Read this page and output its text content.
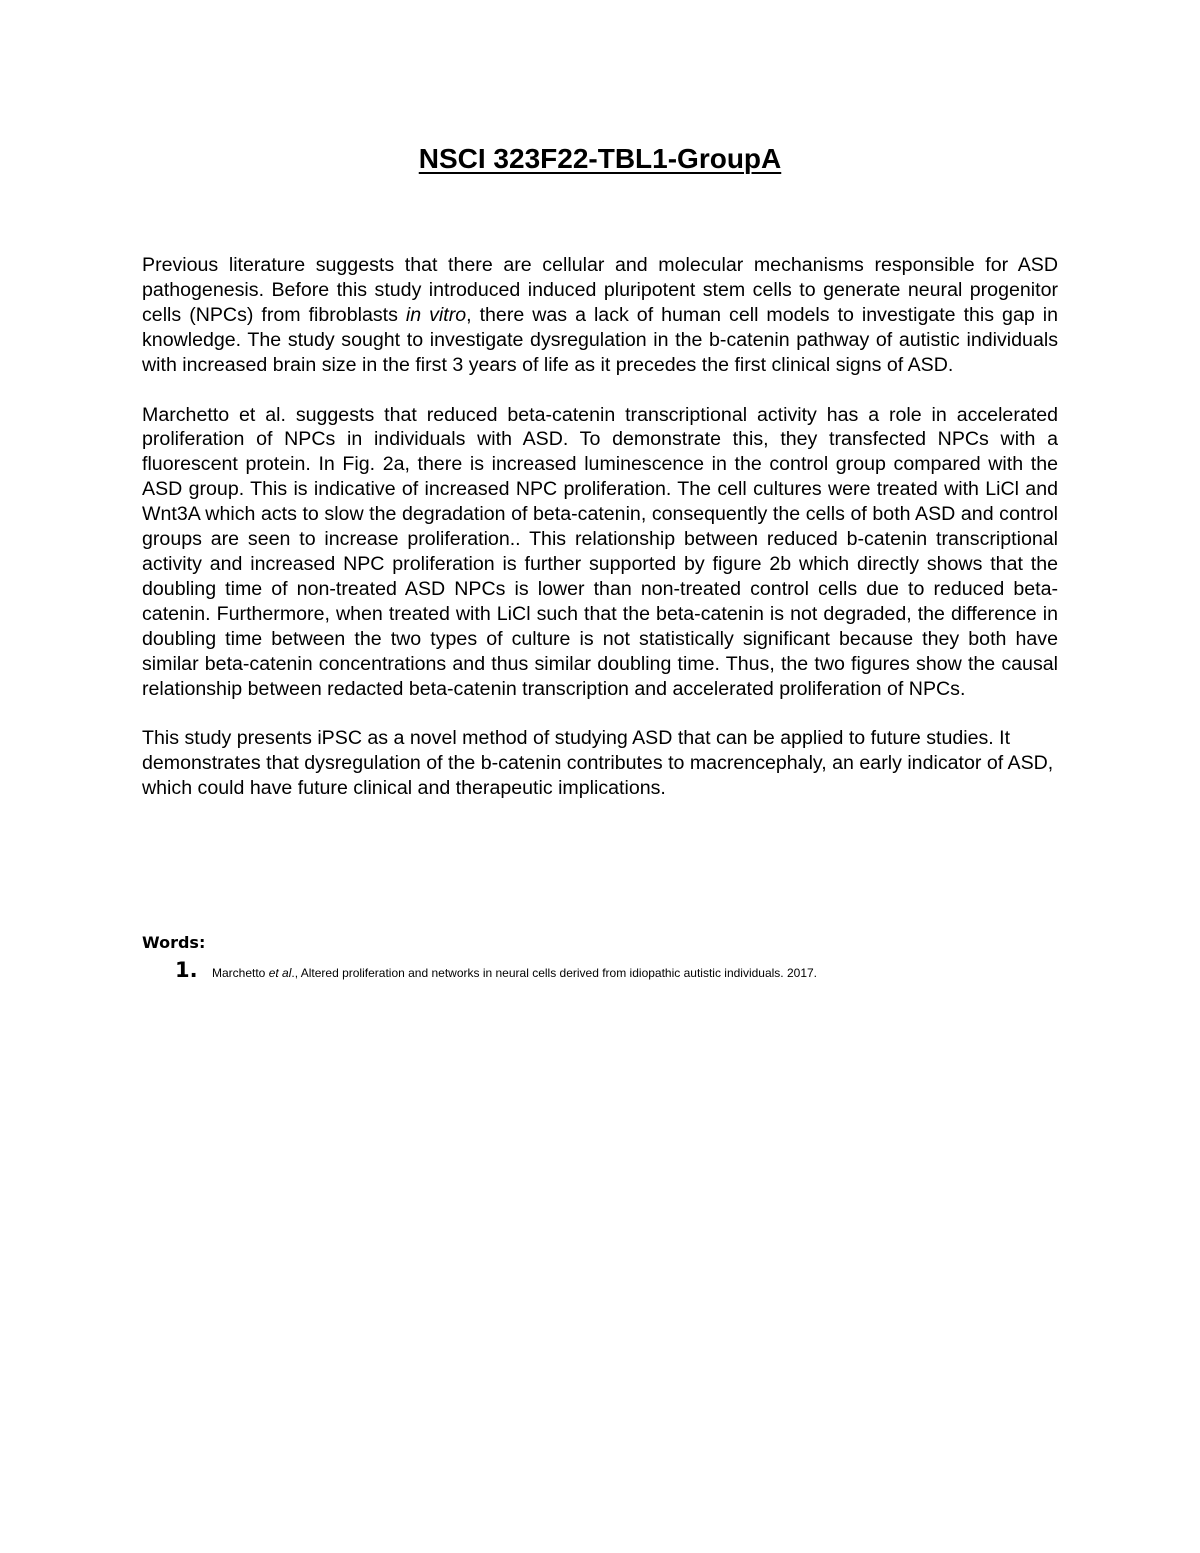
NSCI 323F22-TBL1-GroupA

Previous literature suggests that there are cellular and molecular mechanisms responsible for ASD pathogenesis. Before this study introduced induced pluripotent stem cells to generate neural progenitor cells (NPCs) from fibroblasts in vitro, there was a lack of human cell models to investigate this gap in knowledge. The study sought to investigate dysregulation in the b-catenin pathway of autistic individuals with increased brain size in the first 3 years of life as it precedes the first clinical signs of ASD.

Marchetto et al. suggests that reduced beta-catenin transcriptional activity has a role in accelerated proliferation of NPCs in individuals with ASD. To demonstrate this, they transfected NPCs with a fluorescent protein. In Fig. 2a, there is increased luminescence in the control group compared with the ASD group. This is indicative of increased NPC proliferation. The cell cultures were treated with LiCl and Wnt3A which acts to slow the degradation of beta-catenin, consequently the cells of both ASD and control groups are seen to increase proliferation.. This relationship between reduced b-catenin transcriptional activity and increased NPC proliferation is further supported by figure 2b which directly shows that the doubling time of non-treated ASD NPCs is lower than non-treated control cells due to reduced beta-catenin. Furthermore, when treated with LiCl such that the beta-catenin is not degraded, the difference in doubling time between the two types of culture is not statistically significant because they both have similar beta-catenin concentrations and thus similar doubling time. Thus, the two figures show the causal relationship between redacted beta-catenin transcription and accelerated proliferation of NPCs.

This study presents iPSC as a novel method of studying ASD that can be applied to future studies. It demonstrates that dysregulation of the b-catenin contributes to macrencephaly, an early indicator of ASD, which could have future clinical and therapeutic implications.

Words:

1.	Marchetto et al., Altered proliferation and networks in neural cells derived from idiopathic autistic individuals. 2017.
